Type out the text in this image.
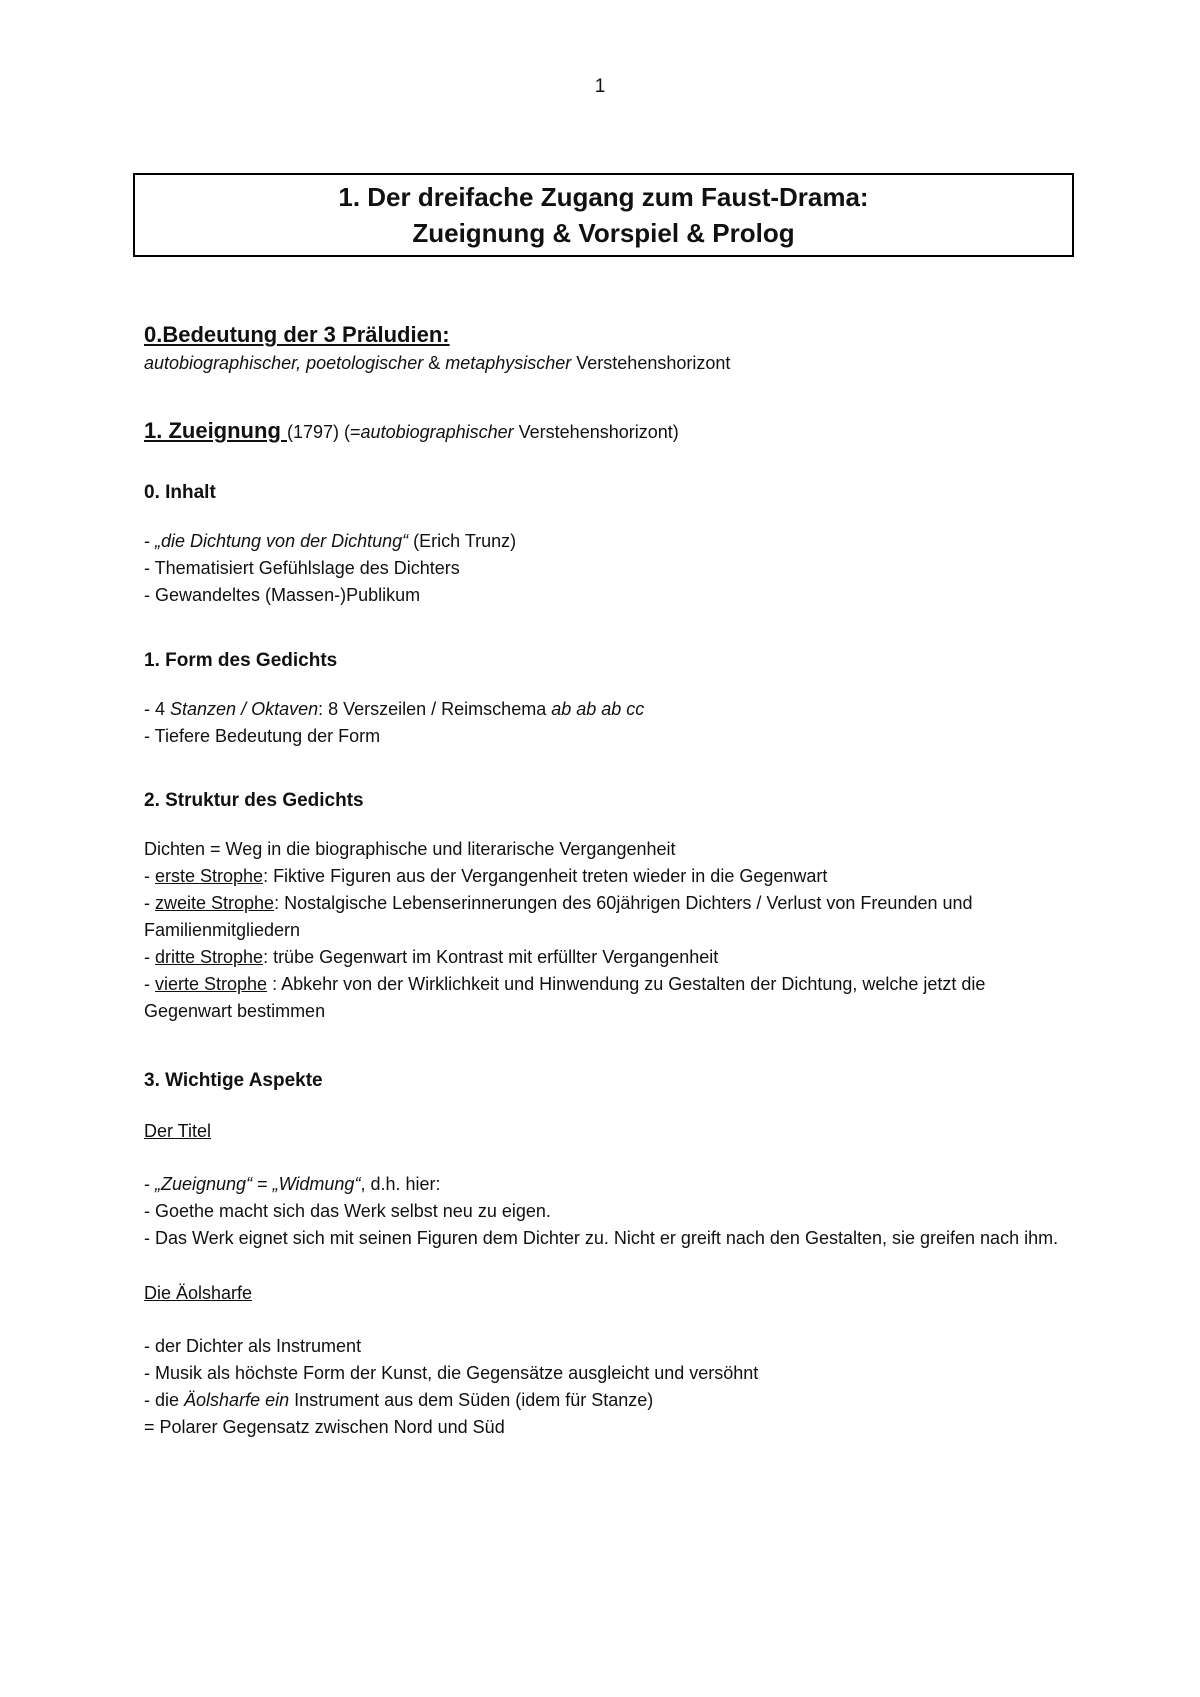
1
1. Der dreifache Zugang zum Faust-Drama:
Zueignung & Vorspiel & Prolog
0.Bedeutung der 3 Präludien:
autobiographischer, poetologischer & metaphysischer Verstehenshorizont
1. Zueignung (1797) (=autobiographischer Verstehenshorizont)
0. Inhalt
- „die Dichtung von der Dichtung“ (Erich Trunz)
- Thematisiert Gefühlslage des Dichters
- Gewandeltes (Massen-)Publikum
1. Form des Gedichts
- 4 Stanzen / Oktaven: 8 Verszeilen / Reimschema ab ab ab cc
- Tiefere Bedeutung der Form
2. Struktur des Gedichts
Dichten = Weg in die biographische und literarische Vergangenheit
- erste Strophe: Fiktive Figuren aus der Vergangenheit treten wieder in die Gegenwart
- zweite Strophe: Nostalgische Lebenserinnerungen des 60jährigen Dichters / Verlust von Freunden und Familienmitgliedern
- dritte Strophe: trübe Gegenwart im Kontrast mit erfüllter Vergangenheit
- vierte Strophe : Abkehr von der Wirklichkeit und Hinwendung zu Gestalten der Dichtung, welche jetzt die Gegenwart bestimmen
3. Wichtige Aspekte
Der Titel
- „Zueignung“ = „Widmung“, d.h. hier:
- Goethe macht sich das Werk selbst neu zu eigen.
- Das Werk eignet sich mit seinen Figuren dem Dichter zu. Nicht er greift nach den Gestalten, sie greifen nach ihm.
Die Äolsharfe
- der Dichter als Instrument
- Musik als höchste Form der Kunst, die Gegensätze ausgleicht und versöhnt
- die Äolsharfe ein Instrument aus dem Süden (idem für Stanze)
= Polarer Gegensatz zwischen Nord und Süd
